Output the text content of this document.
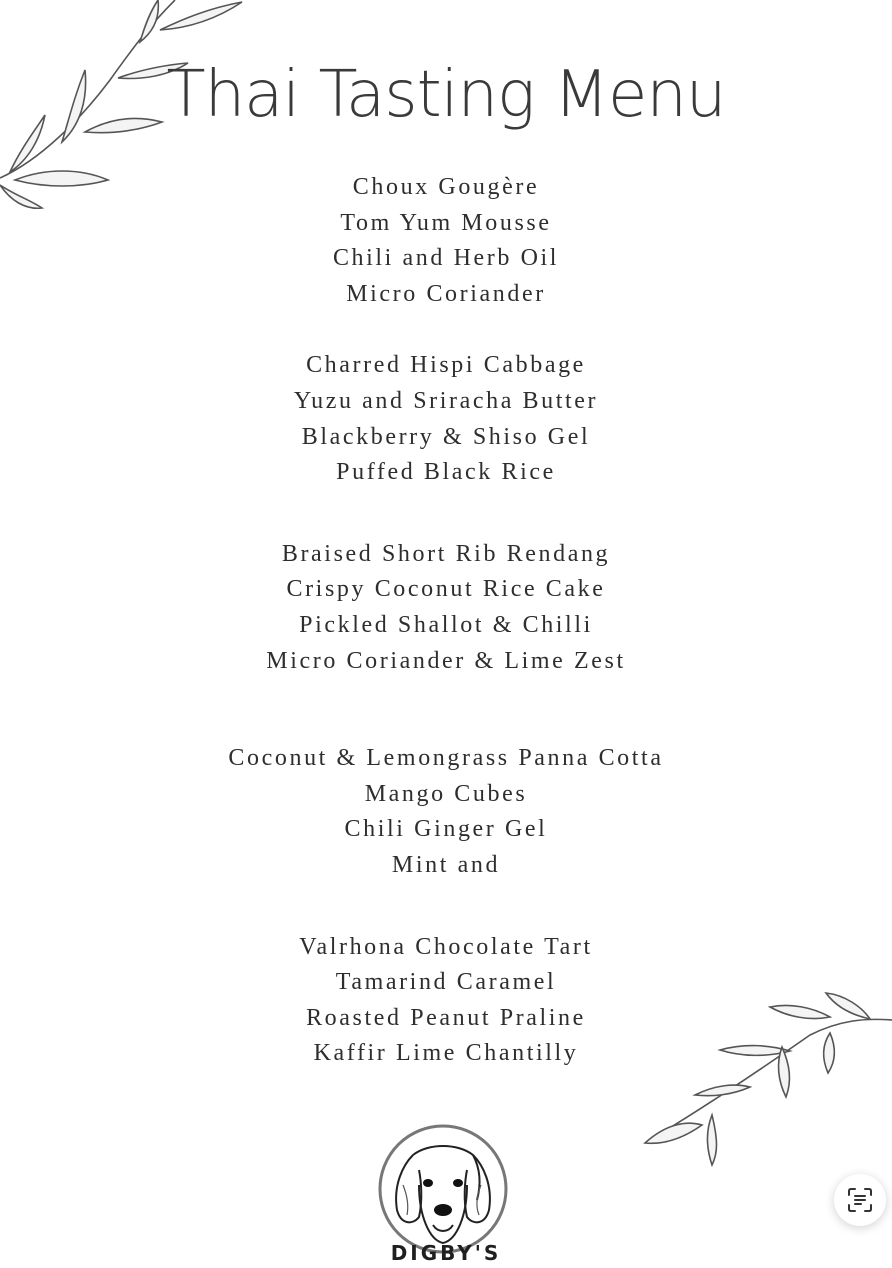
Thai Tasting Menu
Choux Gougère
Tom Yum Mousse
Chili and Herb Oil
Micro Coriander
Charred Hispi Cabbage
Yuzu and Sriracha Butter
Blackberry & Shiso Gel
Puffed Black Rice
Braised Short Rib Rendang
Crispy Coconut Rice Cake
Pickled Shallot & Chilli
Micro Coriander & Lime Zest
Coconut & Lemongrass Panna Cotta
Mango Cubes
Chili Ginger Gel
Mint and
Valrhona Chocolate Tart
Tamarind Caramel
Roasted Peanut Praline
Kaffir Lime Chantilly
DIGBY'S
